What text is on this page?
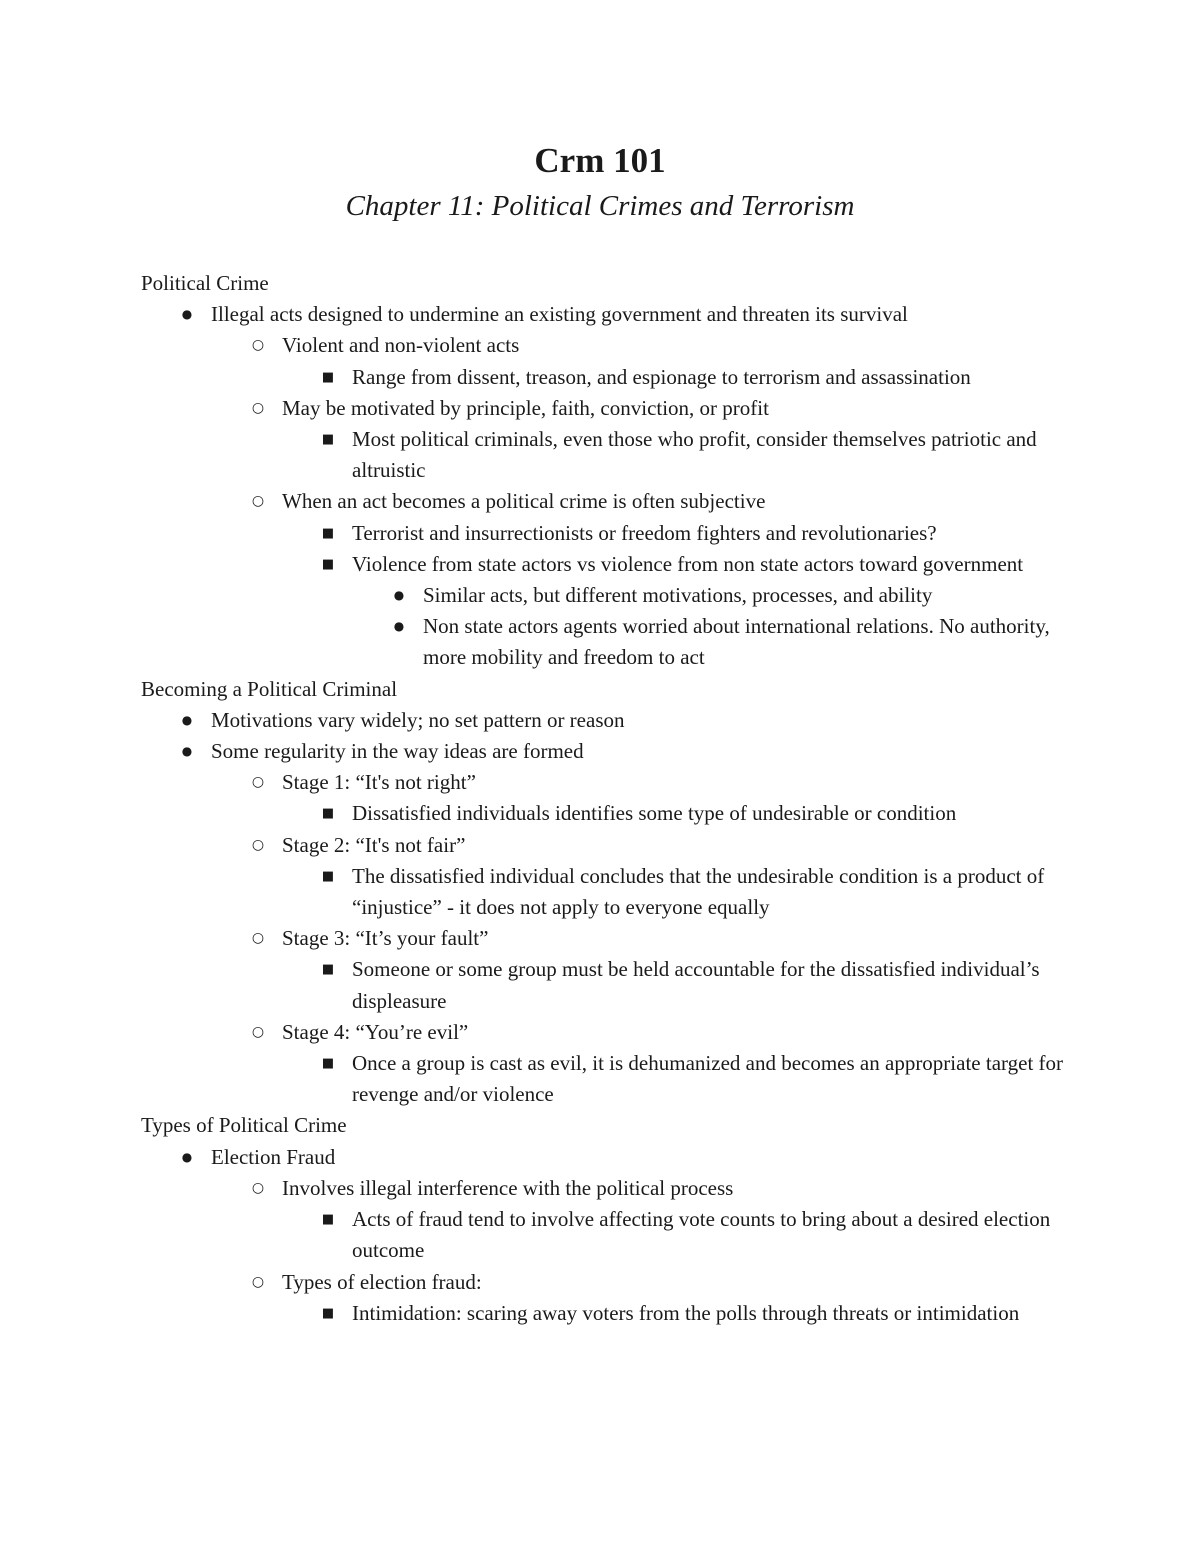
Crm 101
Chapter 11: Political Crimes and Terrorism
Political Crime
● Illegal acts designed to undermine an existing government and threaten its survival
○ Violent and non-violent acts
■ Range from dissent, treason, and espionage to terrorism and assassination
○ May be motivated by principle, faith, conviction, or profit
■ Most political criminals, even those who profit, consider themselves patriotic and altruistic
○ When an act becomes a political crime is often subjective
■ Terrorist and insurrectionists or freedom fighters and revolutionaries?
■ Violence from state actors vs violence from non state actors toward government
● Similar acts, but different motivations, processes, and ability
● Non state actors agents worried about international relations. No authority, more mobility and freedom to act
Becoming a Political Criminal
● Motivations vary widely; no set pattern or reason
● Some regularity in the way ideas are formed
○ Stage 1: “It's not right”
■ Dissatisfied individuals identifies some type of undesirable or condition
○ Stage 2: “It's not fair”
■ The dissatisfied individual concludes that the undesirable condition is a product of “injustice” - it does not apply to everyone equally
○ Stage 3: “It’s your fault”
■ Someone or some group must be held accountable for the dissatisfied individual’s displeasure
○ Stage 4: “You’re evil”
■ Once a group is cast as evil, it is dehumanized and becomes an appropriate target for revenge and/or violence
Types of Political Crime
● Election Fraud
○ Involves illegal interference with the political process
■ Acts of fraud tend to involve affecting vote counts to bring about a desired election outcome
○ Types of election fraud:
■ Intimidation: scaring away voters from the polls through threats or intimidation
